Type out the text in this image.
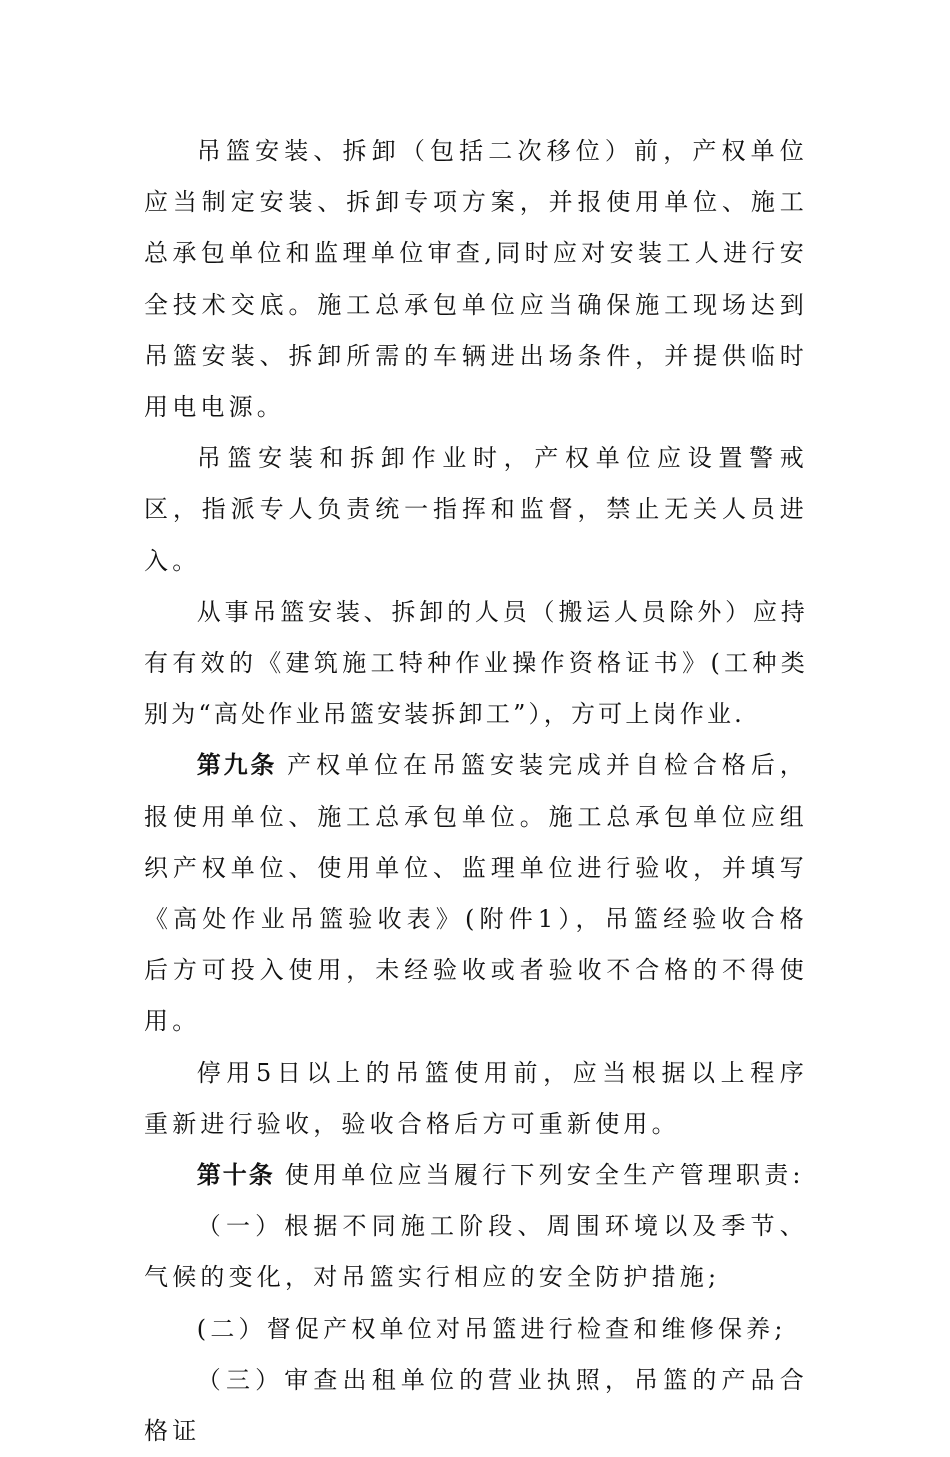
吊篮安装、拆卸（包括二次移位）前，产权单位应当制定安装、拆卸专项方案，并报使用单位、施工总承包单位和监理单位审查,同时应对安装工人进行安全技术交底。施工总承包单位应当确保施工现场达到吊篮安装、拆卸所需的车辆进出场条件，并提供临时用电电源。

吊篮安装和拆卸作业时，产权单位应设置警戒区，指派专人负责统一指挥和监督，禁止无关人员进入。

从事吊篮安装、拆卸的人员（搬运人员除外）应持有有效的《建筑施工特种作业操作资格证书》(工种类别为“高处作业吊篮安装拆卸工”），方可上岗作业.

第九条 产权单位在吊篮安装完成并自检合格后，报使用单位、施工总承包单位。施工总承包单位应组织产权单位、使用单位、监理单位进行验收，并填写《高处作业吊篮验收表》(附件1），吊篮经验收合格后方可投入使用，未经验收或者验收不合格的不得使用。

停用5日以上的吊篮使用前，应当根据以上程序重新进行验收，验收合格后方可重新使用。

第十条 使用单位应当履行下列安全生产管理职责:

（一）根据不同施工阶段、周围环境以及季节、气候的变化，对吊篮实行相应的安全防护措施;

(二）督促产权单位对吊篮进行检查和维修保养;

（三）审查出租单位的营业执照，吊篮的产品合格证
